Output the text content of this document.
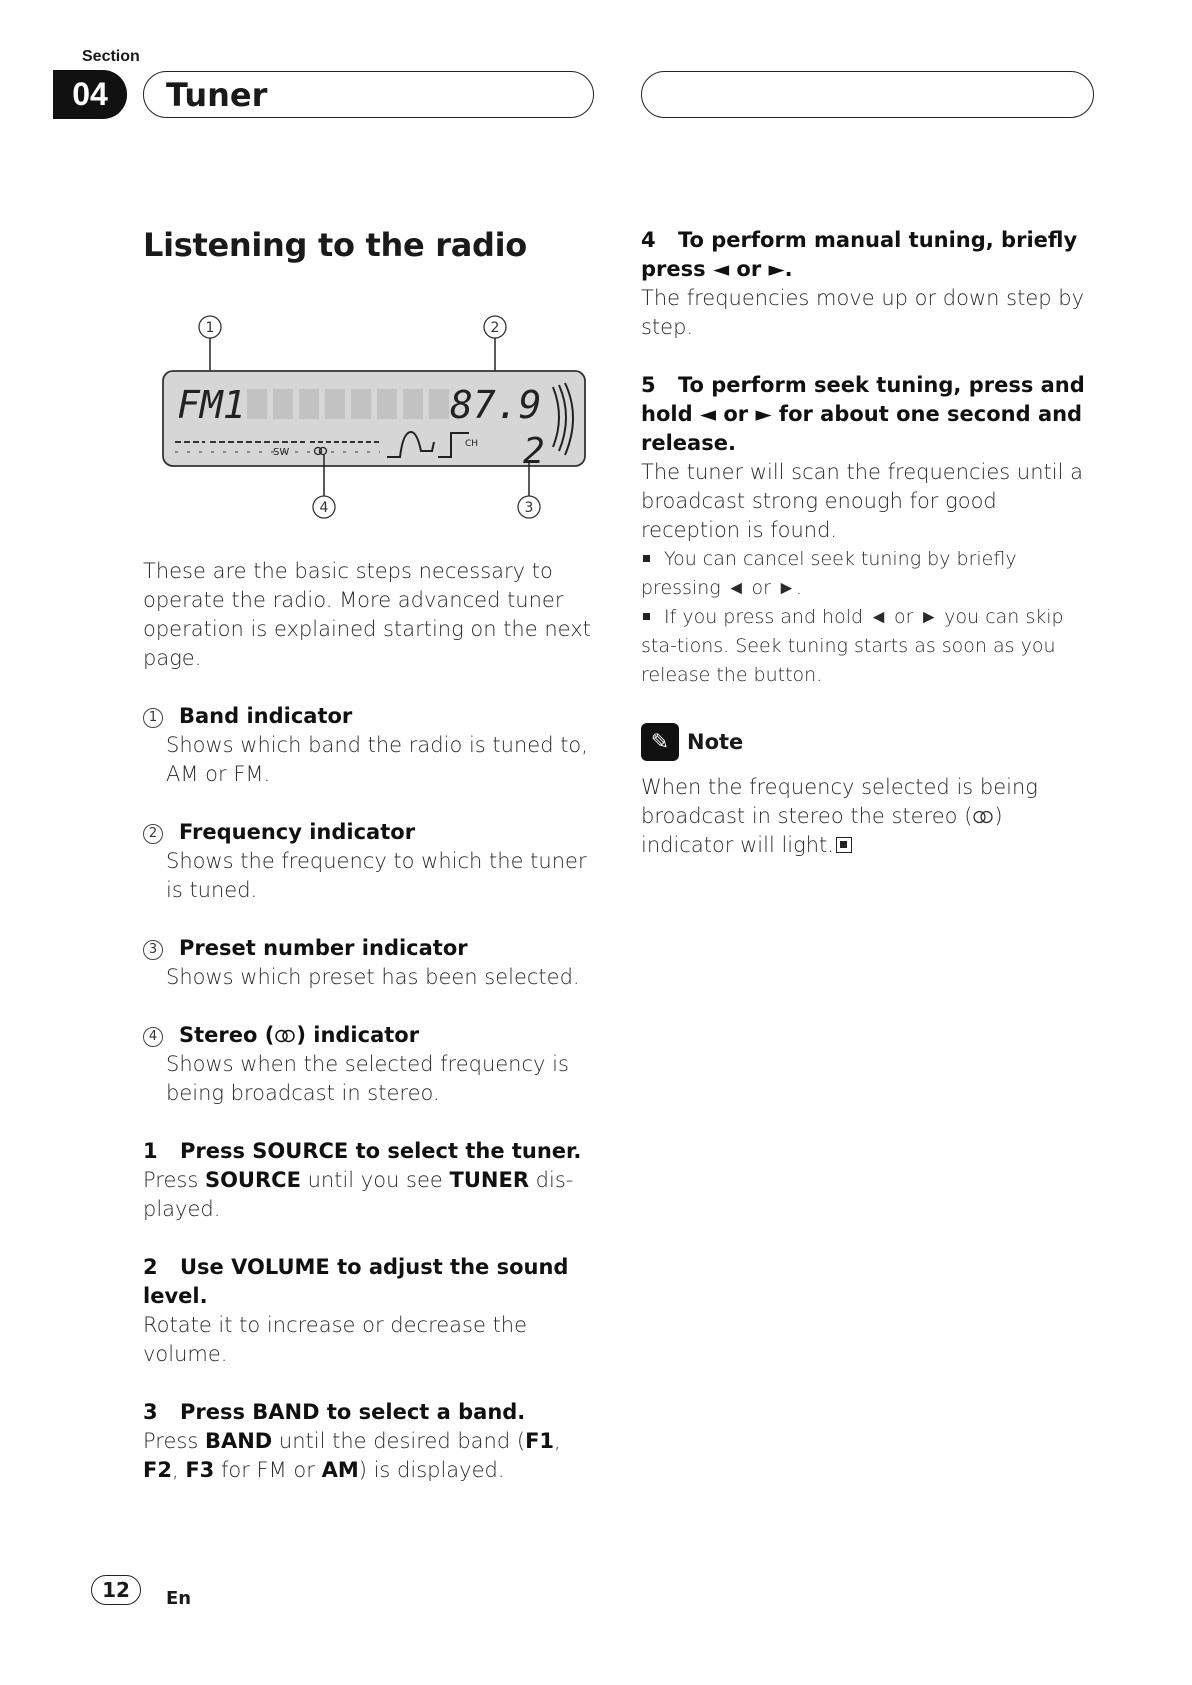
Section
04	Tuner
Listening to the radio
1	2
FM1	87.9
SW
CH 2
4	3

These are the basic steps necessary to operate the radio. More advanced tuner operation is explained starting on the next page.

1 Band indicator

Shows which band the radio is tuned to, AM or FM.

2 Frequency indicator

Shows the frequency to which the tuner is tuned.

3 Preset number indicator

Shows which preset has been selected.

4 Stereo ( ) indicator

Shows when the selected frequency is being broadcast in stereo.

1 Press SOURCE to select the tuner.

Press SOURCE until you see TUNER dis-played.

2 Use VOLUME to adjust the sound level.

Rotate it to increase or decrease the volume.

3 Press BAND to select a band.

Press BAND until the desired band (F1, F2, F3 for FM or AM) is displayed.

4 To perform manual tuning, briefly press ◄ or ►.

The frequencies move up or down step by step.

5 To perform seek tuning, press and hold ◄ or ► for about one second and release.

The tuner will scan the frequencies until a broadcast strong enough for good reception is found.

You can cancel seek tuning by briefly pressing ◄ or ►.

If you press and hold ◄ or ► you can skip sta-tions. Seek tuning starts as soon as you release the button.

✎ Note

When the frequency selected is being broadcast in stereo the stereo ( ) indicator will light.

12 En
